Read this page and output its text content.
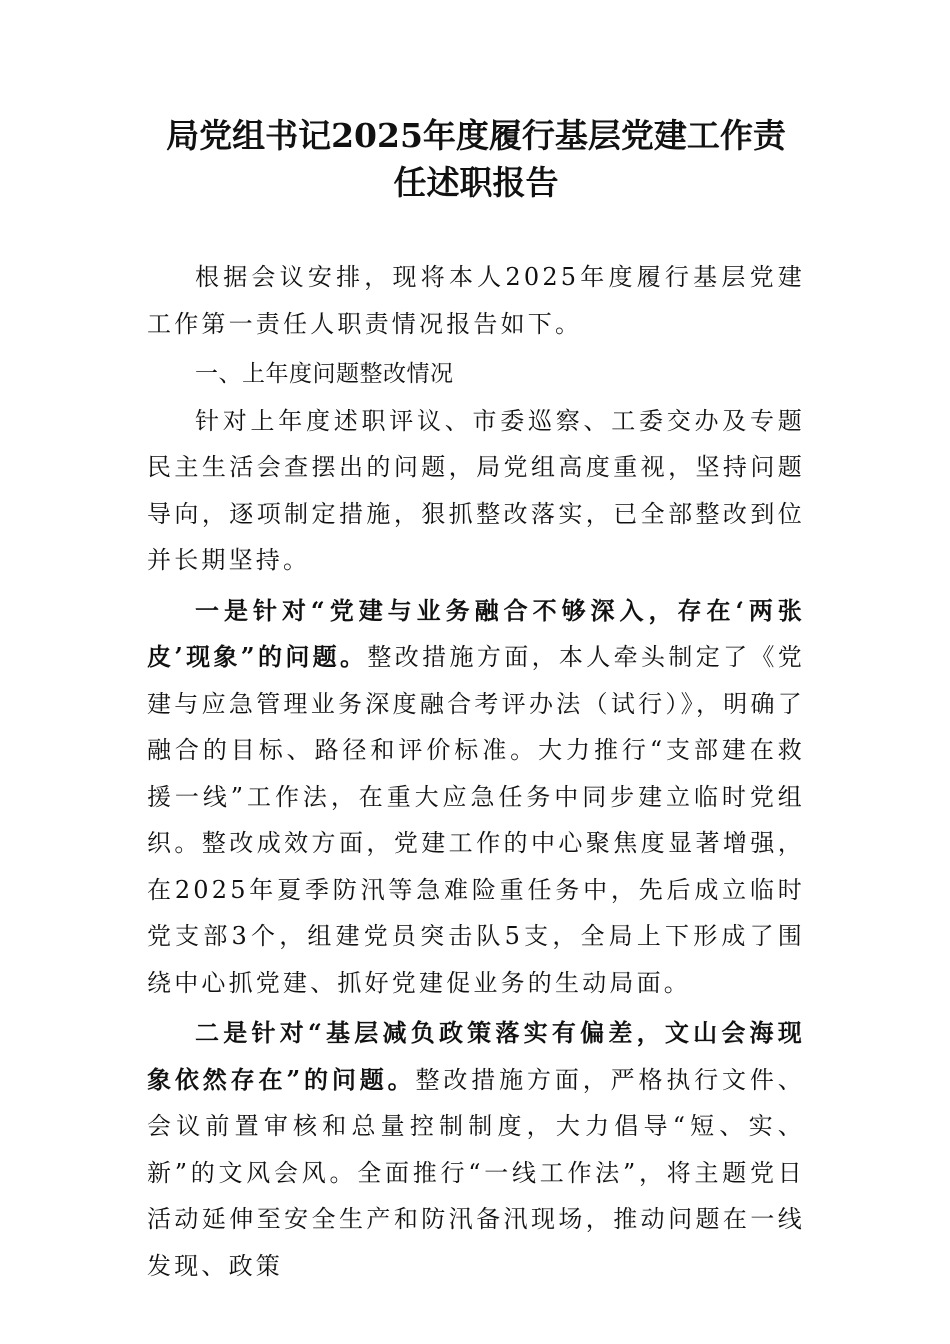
局党组书记2025年度履行基层党建工作责
任述职报告

根据会议安排，现将本人2025年度履行基层党建工作第一责任人职责情况报告如下。

一、上年度问题整改情况

针对上年度述职评议、市委巡察、工委交办及专题民主生活会查摆出的问题，局党组高度重视，坚持问题导向，逐项制定措施，狠抓整改落实，已全部整改到位并长期坚持。

一是针对“党建与业务融合不够深入，存在‘两张皮’现象”的问题。整改措施方面，本人牵头制定了《党建与应急管理业务深度融合考评办法（试行）》，明确了融合的目标、路径和评价标准。大力推行“支部建在救援一线”工作法，在重大应急任务中同步建立临时党组织。整改成效方面，党建工作的中心聚焦度显著增强，在2025年夏季防汛等急难险重任务中，先后成立临时党支部3个，组建党员突击队5支，全局上下形成了围绕中心抓党建、抓好党建促业务的生动局面。

二是针对“基层减负政策落实有偏差，文山会海现象依然存在”的问题。整改措施方面，严格执行文件、会议前置审核和总量控制制度，大力倡导“短、实、新”的文风会风。全面推行“一线工作法”，将主题党日活动延伸至安全生产和防汛备汛现场，推动问题在一线发现、政策
